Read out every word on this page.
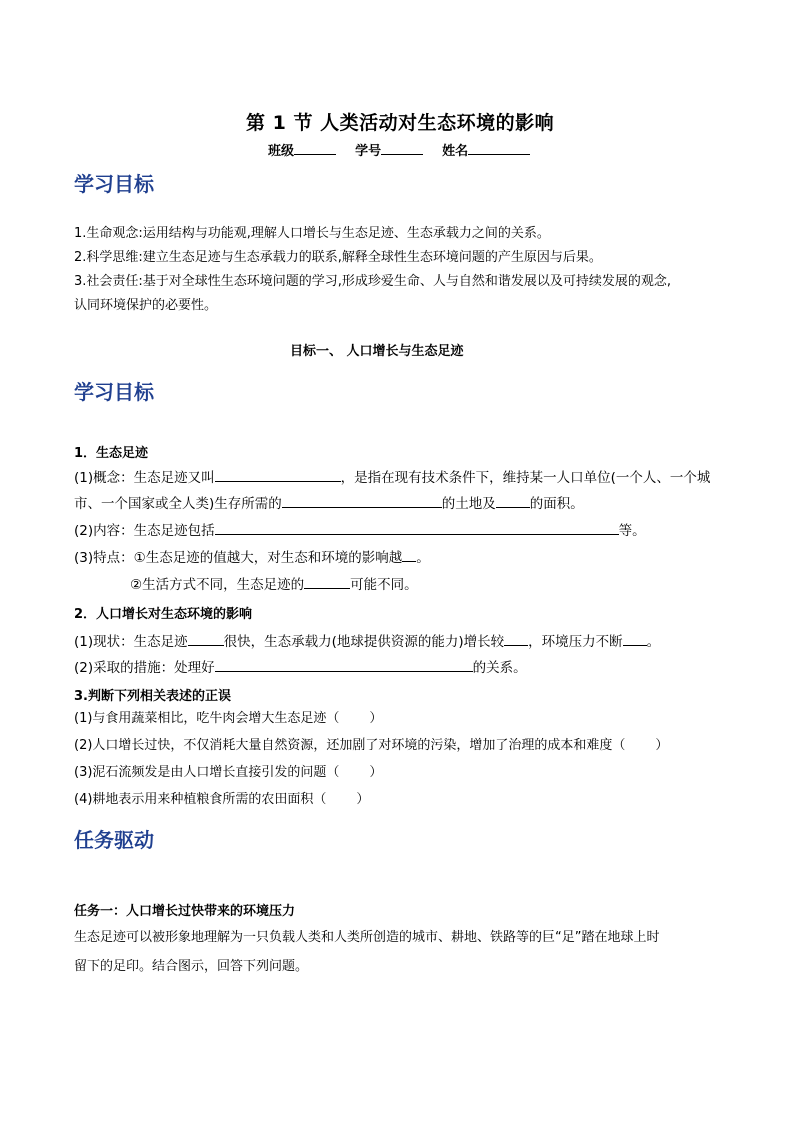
第 1 节 人类活动对生态环境的影响
班级	学号	姓名
学习目标
1.生命观念:运用结构与功能观,理解人口增长与生态足迹、生态承载力之间的关系。
2.科学思维:建立生态足迹与生态承载力的联系,解释全球性生态环境问题的产生原因与后果。
3.社会责任:基于对全球性生态环境问题的学习,形成珍爱生命、人与自然和谐发展以及可持续发展的观念,
认同环境保护的必要性。
目标一、 人口增长与生态足迹
学习目标
1．生态足迹
(1)概念：生态足迹又叫	，是指在现有技术条件下，维持某一人口单位(一个人、一个城
市、一个国家或全人类)生存所需的	的土地及	的面积。
(2)内容：生态足迹包括	等。
(3)特点：①生态足迹的值越大，对生态和环境的影响越 。
②生活方式不同，生态足迹的	可能不同。
2．人口增长对生态环境的影响
(1)现状：生态足迹	很快，生态承载力(地球提供资源的能力)增长较 ，环境压力不断 。
(2)采取的措施：处理好	的关系。
3.判断下列相关表述的正误
(1)与食用蔬菜相比，吃牛肉会增大生态足迹（ ）
(2)人口增长过快，不仅消耗大量自然资源，还加剧了对环境的污染，增加了治理的成本和难度（ ）
(3)泥石流频发是由人口增长直接引发的问题（ ）
(4)耕地表示用来种植粮食所需的农田面积（ ）
任务驱动
任务一：人口增长过快带来的环境压力
生态足迹可以被形象地理解为一只负载人类和人类所创造的城市、耕地、铁路等的巨“足”踏在地球上时
留下的足印。结合图示，回答下列问题。
